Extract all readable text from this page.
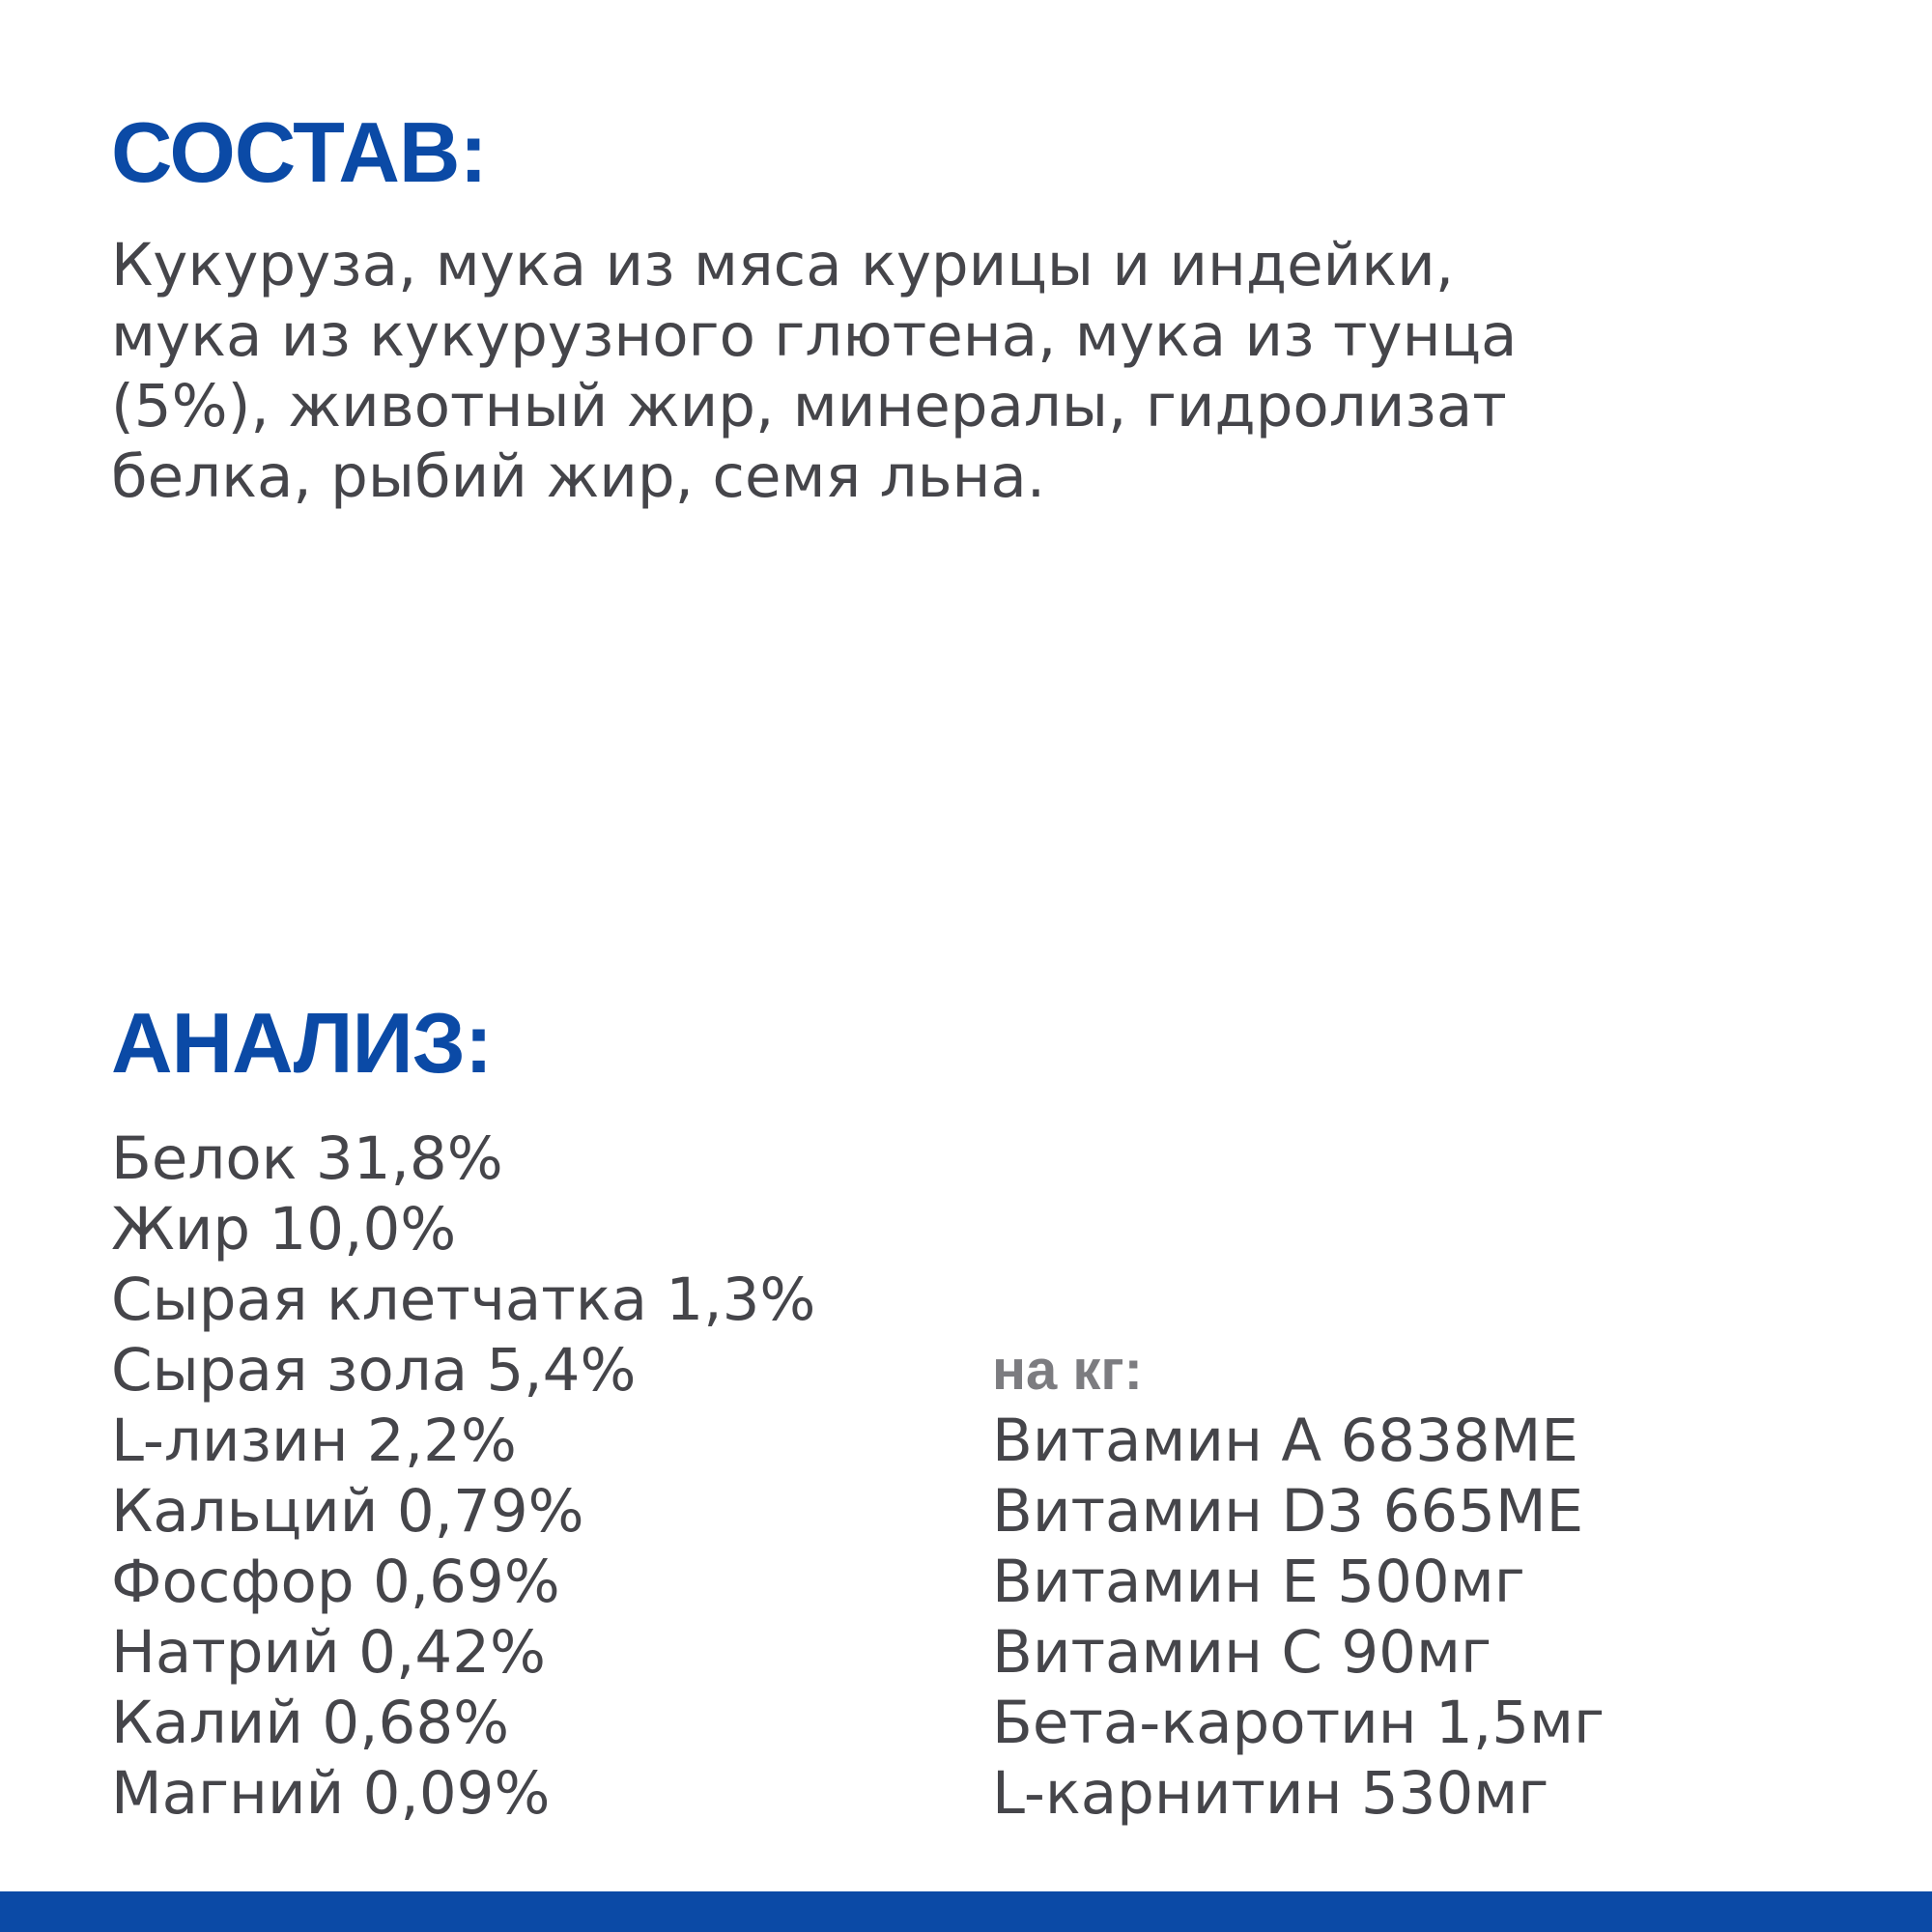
СОСТАВ:

Кукуруза, мука из мяса курицы и индейки,
мука из кукурузного глютена, мука из тунца
(5%), животный жир, минералы, гидролизат
белка, рыбий жир, семя льна.

АНАЛИЗ:
Белок 31,8%
Жир 10,0%
Сырая клетчатка 1,3%
Сырая зола 5,4%
L-лизин 2,2%
Кальций 0,79%
Фосфор 0,69%
Натрий 0,42%
Калий 0,68%
Магний 0,09%
на кг:
Витамин А 6838МЕ
Витамин D3 665МЕ
Витамин Е 500мг
Витамин С 90мг
Бета-каротин 1,5мг
L-карнитин 530мг
